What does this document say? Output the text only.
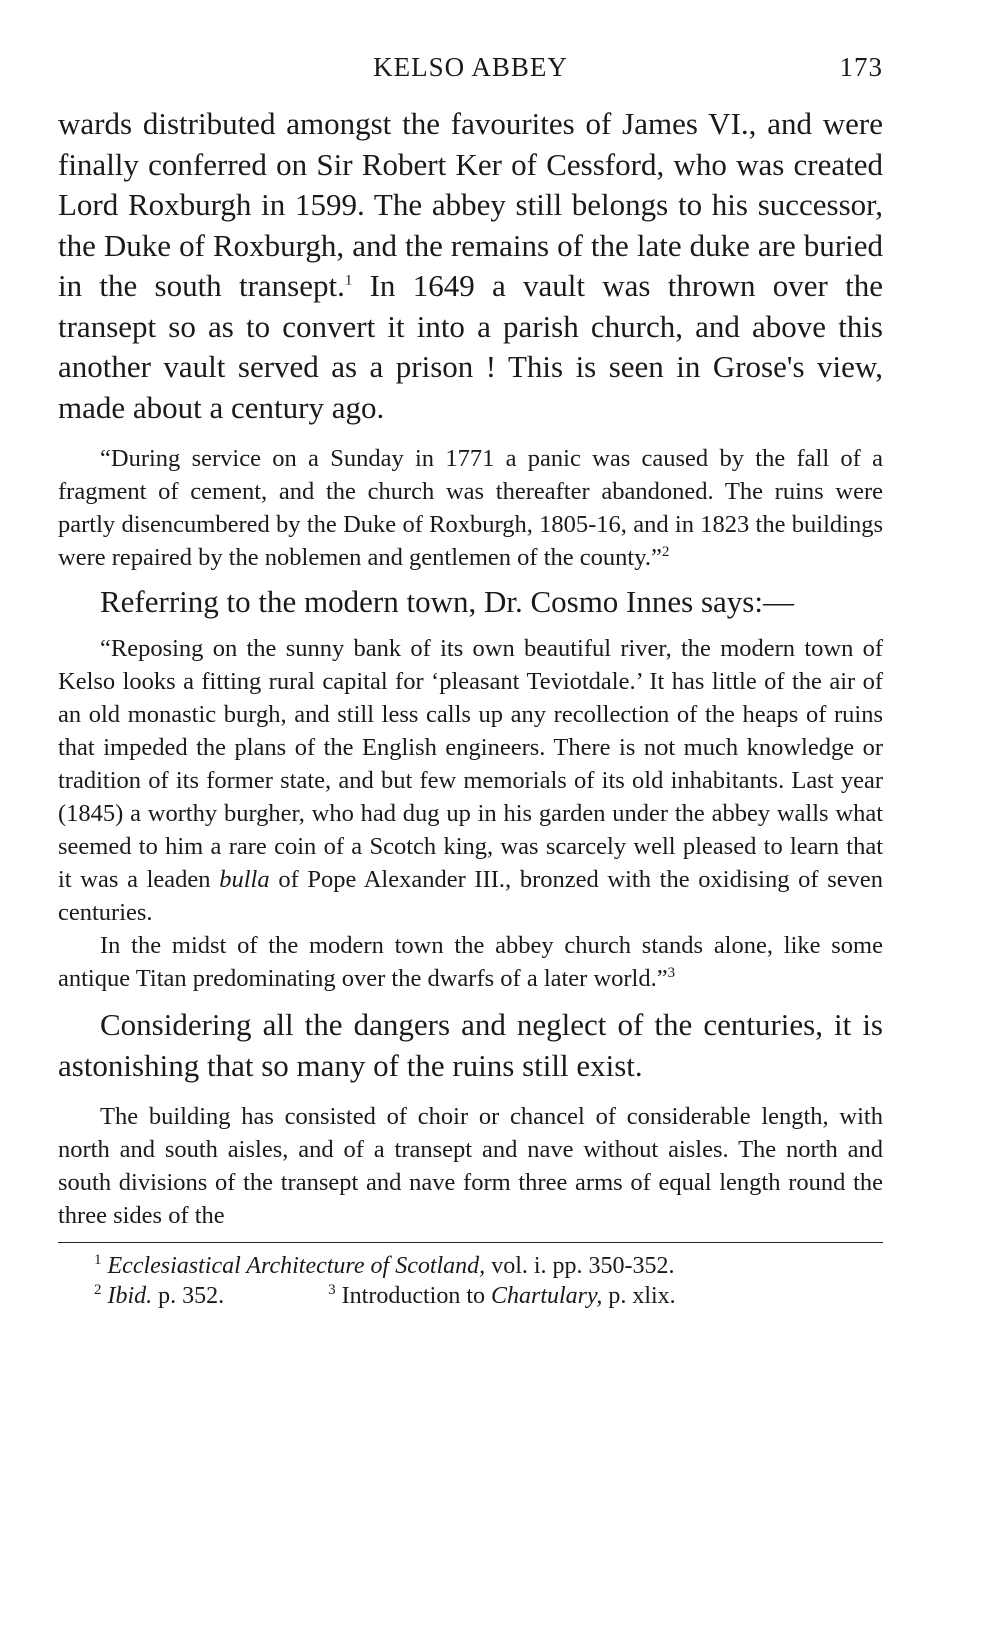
KELSO ABBEY	173

wards distributed amongst the favourites of James VI., and were finally conferred on Sir Robert Ker of Cessford, who was created Lord Roxburgh in 1599. The abbey still belongs to his successor, the Duke of Roxburgh, and the remains of the late duke are buried in the south transept.$^1$ In 1649 a vault was thrown over the transept so as to convert it into a parish church, and above this another vault served as a prison ! This is seen in Grose's view, made about a century ago.

“During service on a Sunday in 1771 a panic was caused by the fall of a fragment of cement, and the church was thereafter abandoned. The ruins were partly disencumbered by the Duke of Roxburgh, 1805-16, and in 1823 the buildings were repaired by the noblemen and gentlemen of the county.”$^2$

Referring to the modern town, Dr. Cosmo Innes says:—

“Reposing on the sunny bank of its own beautiful river, the modern town of Kelso looks a fitting rural capital for ‘pleasant Teviotdale.’ It has little of the air of an old monastic burgh, and still less calls up any recollection of the heaps of ruins that impeded the plans of the English engineers. There is not much knowledge or tradition of its former state, and but few memorials of its old inhabitants. Last year (1845) a worthy burgher, who had dug up in his garden under the abbey walls what seemed to him a rare coin of a Scotch king, was scarcely well pleased to learn that it was a leaden bulla of Pope Alexander III., bronzed with the oxidising of seven centuries.

In the midst of the modern town the abbey church stands alone, like some antique Titan predominating over the dwarfs of a later world.”$^3$

Considering all the dangers and neglect of the centuries, it is astonishing that so many of the ruins still exist.

The building has consisted of choir or chancel of considerable length, with north and south aisles, and of a transept and nave without aisles. The north and south divisions of the transept and nave form three arms of equal length round the three sides of the
$^1$ Ecclesiastical Architecture of Scotland, vol. i. pp. 350-352.
$^2$ Ibid. p. 352.	$^3$ Introduction to Chartulary, p. xlix.
